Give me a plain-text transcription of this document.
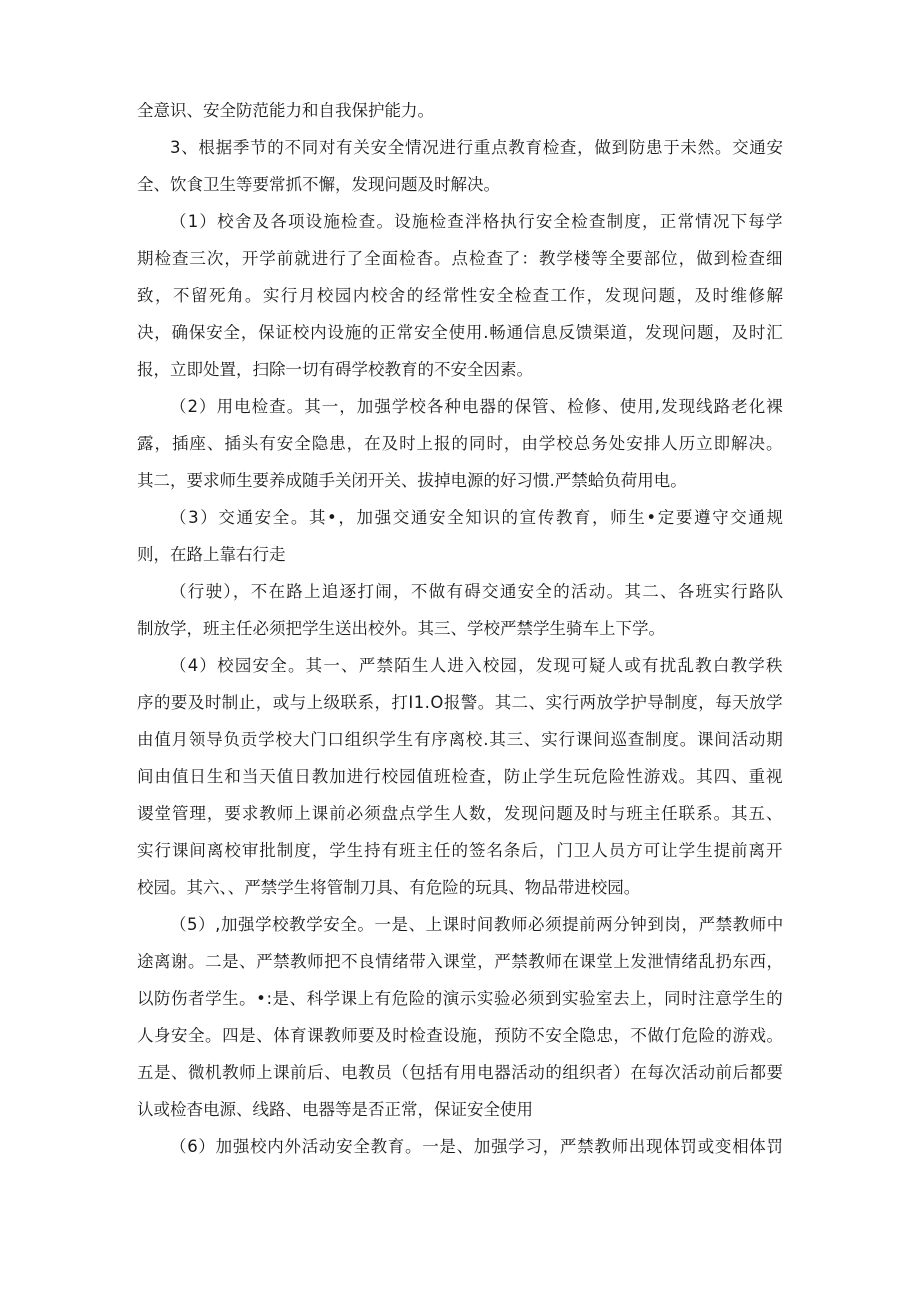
全意识、安全防范能力和自我保护能力。
3、根据季节的不同对有关安全情况进行重点教育检查，做到防患于未然。交通安
全、饮食卫生等要常抓不懈，发现问题及时解决。
（1）校舍及各项设施检查。设施检查泮格执行安全检查制度，正常情况下每学
期检查三次，开学前就进行了全面检杳。点检查了：教学楼等全要部位，做到检查细
致，不留死角。实行月校园内校舍的经常性安全检查工作，发现问题，及时维修解
决，确保安全，保证校内设施的正常安全使用.畅通信息反馈渠道，发现问题，及时汇
报，立即处置，扫除一切有碍学校教育的不安全因素。
（2）用电检查。其一，加强学校各种电器的保管、检修、使用,发现线路老化裸
露，插座、插头有安全隐患，在及时上报的同时，由学校总务处安排人历立即解决。
其二，要求师生要养成随手关闭开关、拔掉电源的好习惯.严禁蛤负荷用电。
（3）交通安全。其•，加强交通安全知识的宣传教育，师生•定要遵守交通规
则，在路上靠右行走
（行驶），不在路上追逐打闹，不做有碍交通安全的活动。其二、各班实行路队
制放学，班主任必须把学生送出校外。其三、学校严禁学生骑车上下学。
（4）校园安全。其一、严禁陌生人进入校园，发现可疑人或有扰乱教白教学秩
序的要及时制止，或与上级联系，打I1.O报警。其二、实行两放学护导制度，每天放学
由值月领导负贡学校大门口组织学生有序离校.其三、实行课间巡查制度。课间活动期
间由值日生和当天值日教加进行校园值班检查，防止学生玩危险性游戏。其四、重视
谡堂管理，要求教师上课前必须盘点学生人数，发现问题及时与班主任联系。其五、
实行课间离校审批制度，学生持有班主任的签名条后，门卫人员方可让学生提前离开
校园。其六、、严禁学生将管制刀具、有危险的玩具、物品带进校园。
（5）,加强学校教学安全。一是、上课时间教师必须提前两分钟到岗，严禁教师中
途离谢。二是、严禁教师把不良情绪带入课堂，严禁教师在课堂上发泄情绪乱扔东西，
以防伤者学生。•:是、科学课上有危险的演示实验必须到实验室去上，同时注意学生的
人身安全。四是、体育课教师要及时检查设施，预防不安全隐忠，不做仃危险的游戏。
五是、微机教师上课前后、电教员（包括有用电器活动的组织者）在每次活动前后都要
认或检杳电源、线路、电器等是否正常，保证安全使用
（6）加强校内外活动安全教育。一是、加强学习，严禁教师出现体罚或变相体罚
